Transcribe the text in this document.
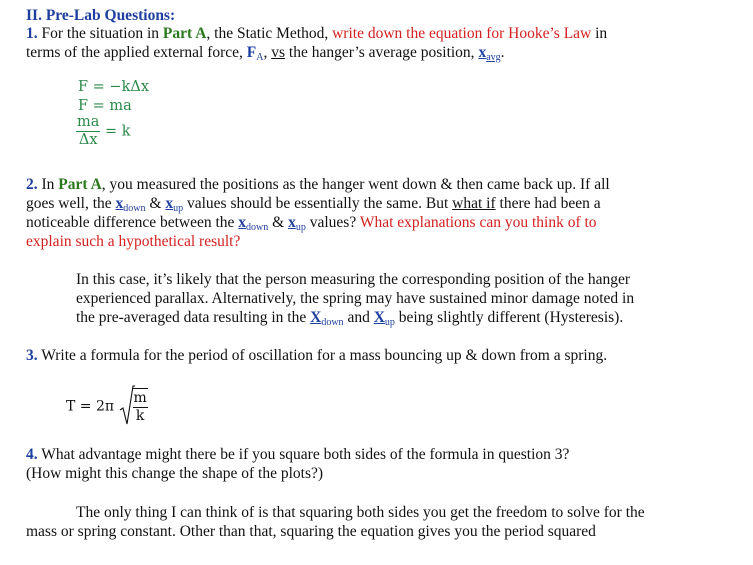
II. Pre-Lab Questions:
1. For the situation in Part A, the Static Method, write down the equation for Hooke’s Law in
terms of the applied external force, $F_A$, vs the hanger’s average position, $x_{avg}$.
F = −kΔx
F = ma
$\frac{ma}{\Delta x} = k$
2. In Part A, you measured the positions as the hanger went down & then came back up. If all
goes well, the $x_{down}$ & $x_{up}$ values should be essentially the same. But what if there had been a
noticeable difference between the $x_{down}$ & $x_{up}$ values? What explanations can you think of to
explain such a hypothetical result?
In this case, it’s likely that the person measuring the corresponding position of the hanger
experienced parallax. Alternatively, the spring may have sustained minor damage noted in
the pre-averaged data resulting in the $X_{down}$ and $X_{up}$ being slightly different (Hysteresis).
3. Write a formula for the period of oscillation for a mass bouncing up & down from a spring.
$T = 2\pi \frac{m}{k}$
4. What advantage might there be if you square both sides of the formula in question 3?
(How might this change the shape of the plots?)
The only thing I can think of is that squaring both sides you get the freedom to solve for the
mass or spring constant. Other than that, squaring the equation gives you the period squared
